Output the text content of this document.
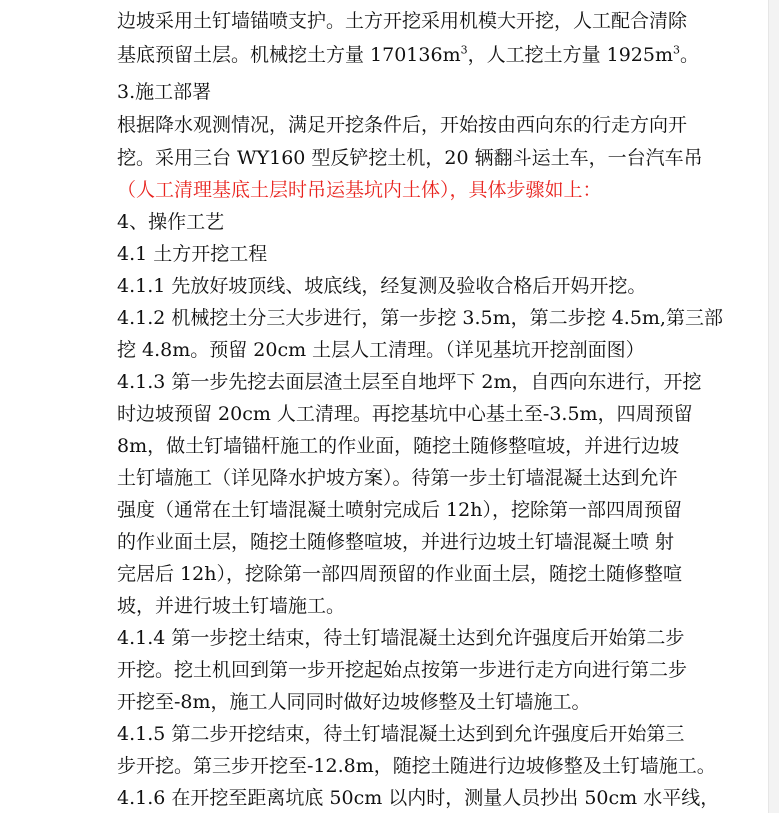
边坡采用土钉墙锚喷支护。土方开挖采用机模大开挖，人工配合清除
基底预留土层。机械挖土方量 $170136m^3$，人工挖土方量 $1925m^3$。
3.施工部署
根据降水观测情况，满足开挖条件后，开始按由西向东的行走方向开
挖。采用三台 WY160 型反铲挖土机，20 辆翻斗运土车，一台汽车吊
（人工清理基底土层时吊运基坑内土体），具体步骤如上：
4、操作工艺
4.1 土方开挖工程
4.1.1 先放好坡顶线、坡底线，经复测及验收合格后开妈开挖。
4.1.2 机械挖土分三大步进行，第一步挖 3.5m，第二步挖 4.5m,第三部
挖 4.8m。预留 20cm 土层人工清理。（详见基坑开挖剖面图）
4.1.3 第一步先挖去面层渣土层至自地坪下 2m，自西向东进行，开挖
时边坡预留 20cm 人工清理。再挖基坑中心基土至-3.5m，四周预留
8m，做土钉墙锚杆施工的作业面，随挖土随修整喧坡，并进行边坡
土钉墙施工（详见降水护坡方案）。待第一步土钉墙混凝土达到允许
强度（通常在土钉墙混凝土喷射完成后 12h），挖除第一部四周预留
的作业面土层，随挖土随修整喧坡，并进行边坡土钉墙混凝土喷 射
完居后 12h），挖除第一部四周预留的作业面土层，随挖土随修整喧
坡，并进行坡土钉墙施工。
4.1.4 第一步挖土结束，待土钉墙混凝土达到允许强度后开始第二步
开挖。挖土机回到第一步开挖起始点按第一步进行走方向进行第二步
开挖至-8m，施工人同同时做好边坡修整及土钉墙施工。
4.1.5 第二步开挖结束，待土钉墙混凝土达到到允许强度后开始第三
步开挖。第三步开挖至-12.8m，随挖土随进行边坡修整及土钉墙施工。
4.1.6 在开挖至距离坑底 50cm 以内时，测量人员抄出 50cm 水平线，
